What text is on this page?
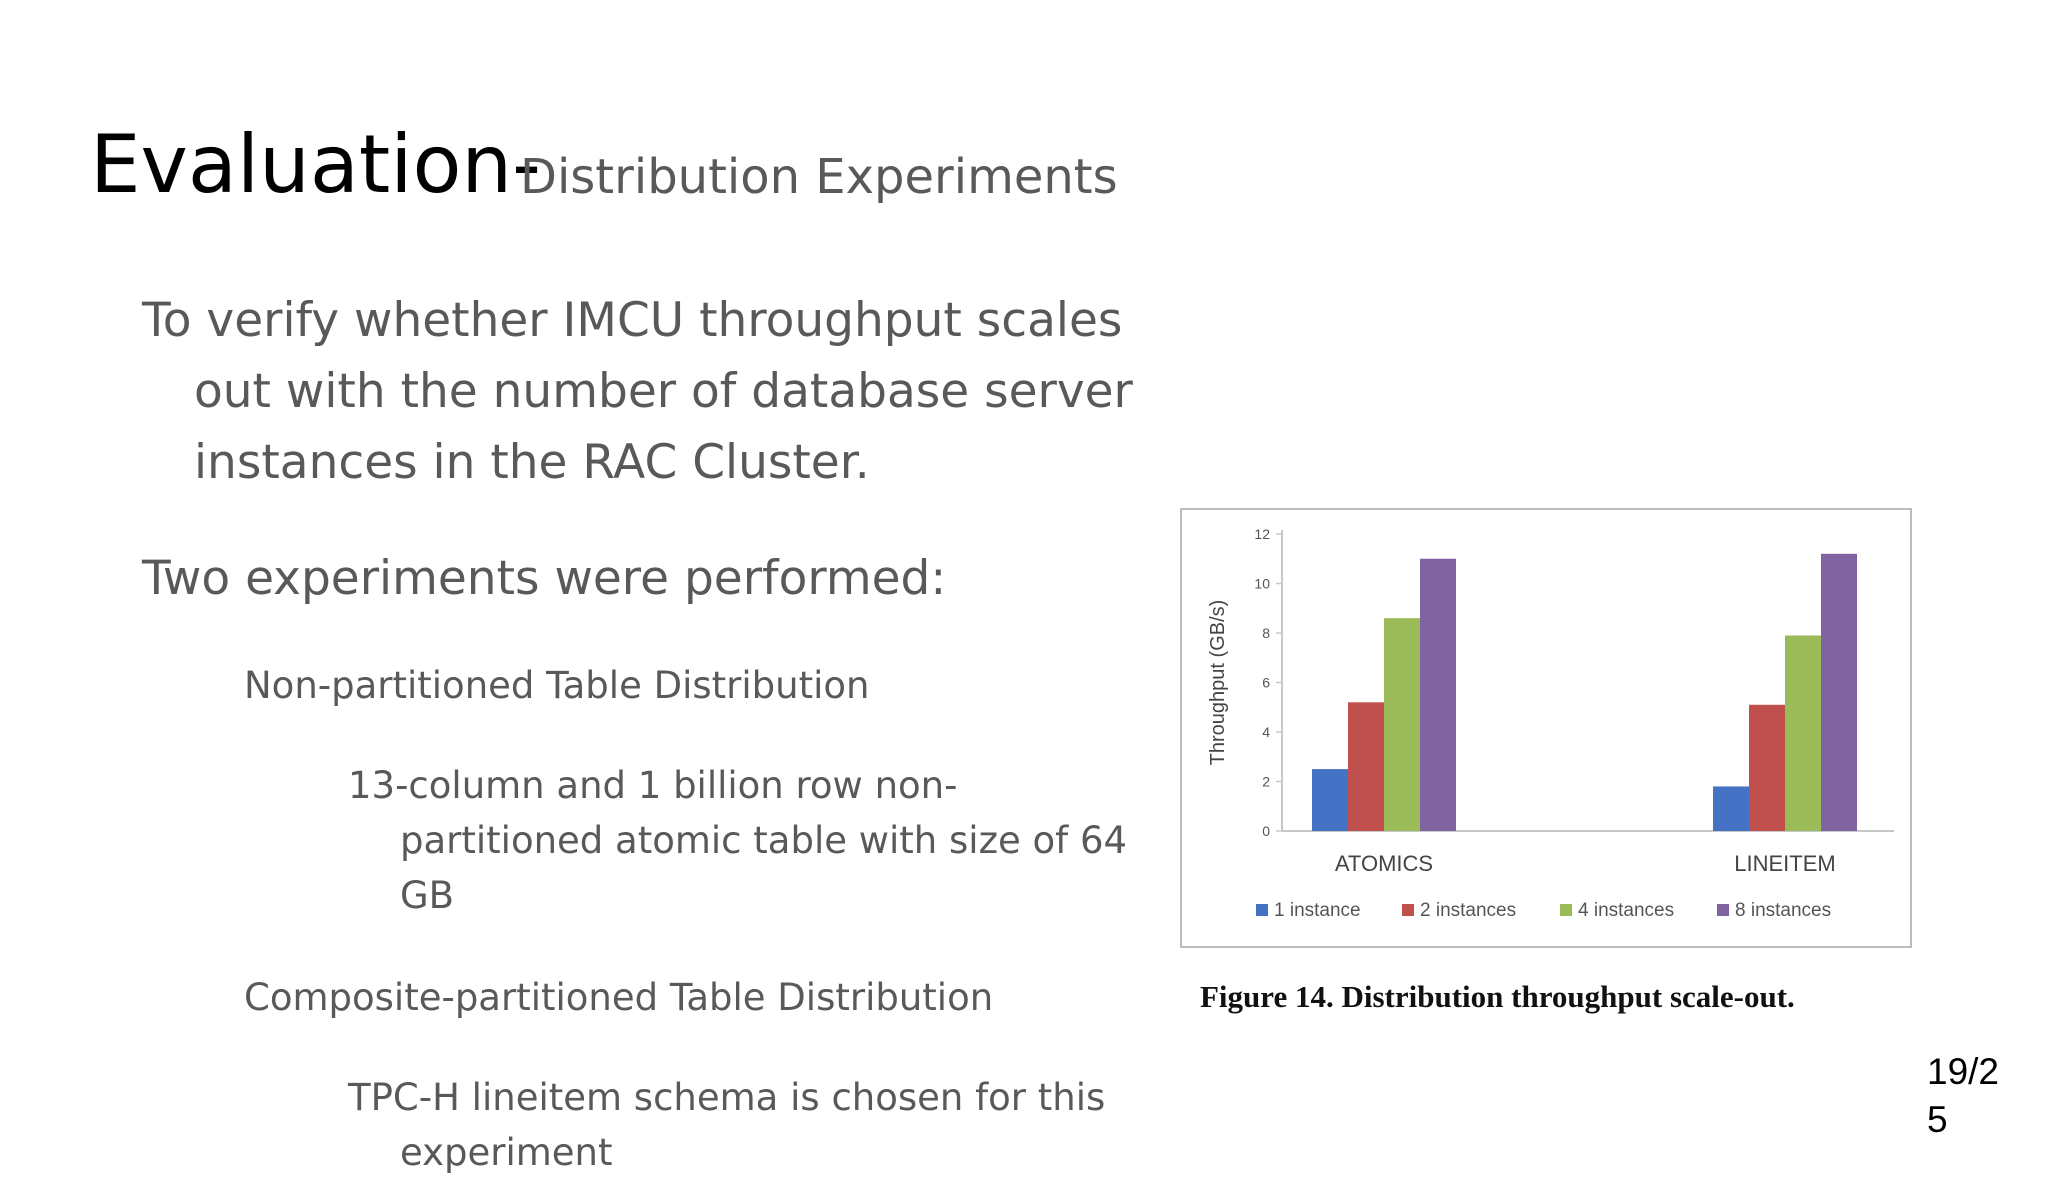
Evaluation-
Distribution Experiments
To verify whether IMCU throughput scales
out with the number of database server
instances in the RAC Cluster.
Two experiments were performed:
Non-partitioned Table Distribution
13-column and 1 billion row non-
partitioned atomic table with size of 64
GB
Composite-partitioned Table Distribution
TPC-H lineitem schema is chosen for this
experiment
0
2
4
6
8
10
12
Throughput (GB/s)
ATOMICS	LINEITEM
1 instance	2 instances	4 instances	8 instances
Figure 14. Distribution throughput scale-out.
19/2
5
